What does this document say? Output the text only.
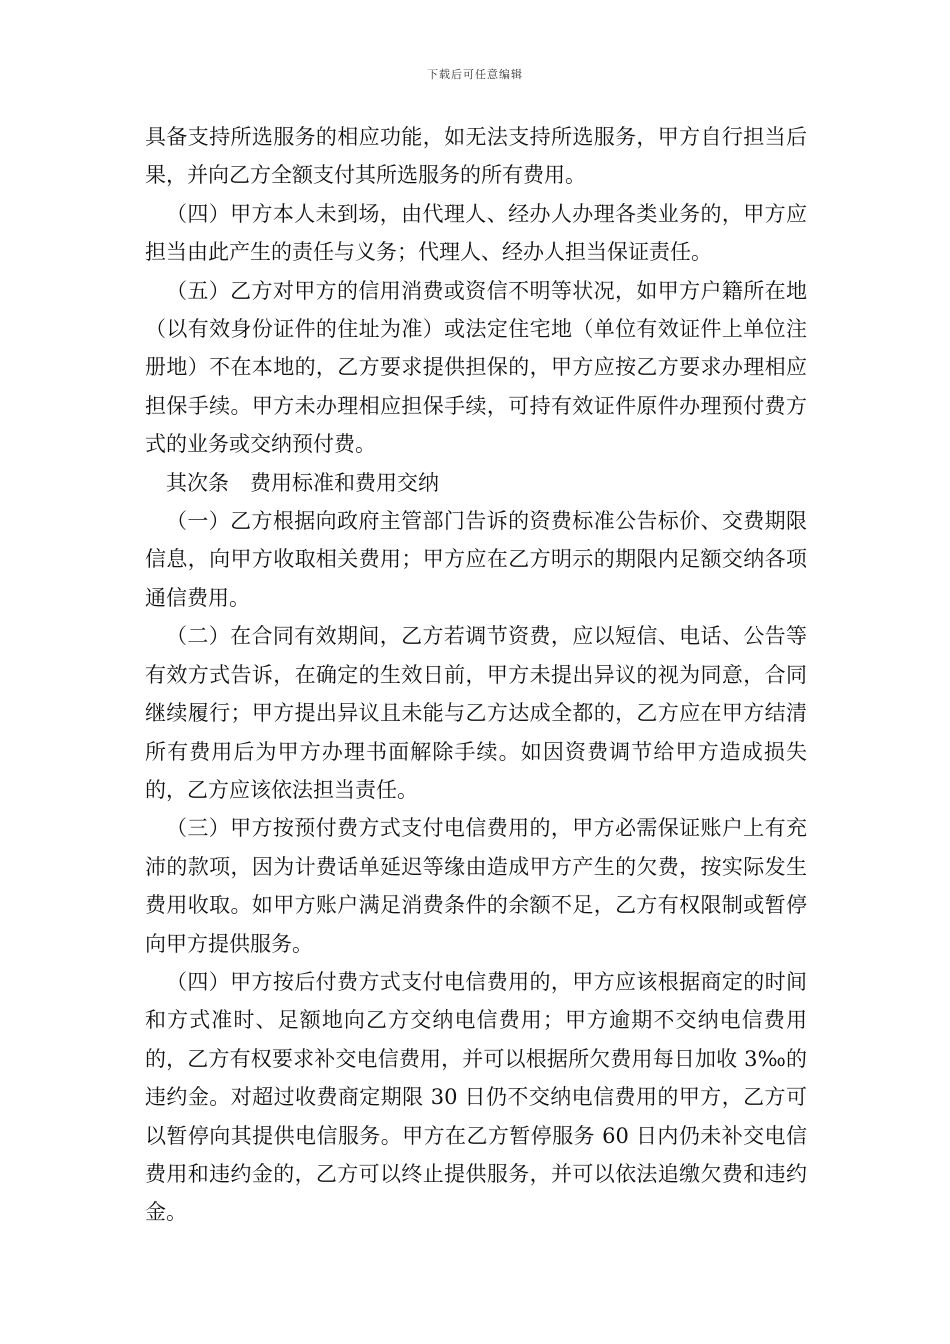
下载后可任意编辑

具备支持所选服务的相应功能，如无法支持所选服务，甲方自行担当后果，并向乙方全额支付其所选服务的所有费用。

（四）甲方本人未到场，由代理人、经办人办理各类业务的，甲方应担当由此产生的责任与义务；代理人、经办人担当保证责任。

（五）乙方对甲方的信用消费或资信不明等状况，如甲方户籍所在地（以有效身份证件的住址为准）或法定住宅地（单位有效证件上单位注册地）不在本地的，乙方要求提供担保的，甲方应按乙方要求办理相应担保手续。甲方未办理相应担保手续，可持有效证件原件办理预付费方式的业务或交纳预付费。

其次条 费用标准和费用交纳

（一）乙方根据向政府主管部门告诉的资费标准公告标价、交费期限信息，向甲方收取相关费用；甲方应在乙方明示的期限内足额交纳各项通信费用。

（二）在合同有效期间，乙方若调节资费，应以短信、电话、公告等有效方式告诉，在确定的生效日前，甲方未提出异议的视为同意，合同继续履行；甲方提出异议且未能与乙方达成全都的，乙方应在甲方结清所有费用后为甲方办理书面解除手续。如因资费调节给甲方造成损失的，乙方应该依法担当责任。

（三）甲方按预付费方式支付电信费用的，甲方必需保证账户上有充沛的款项，因为计费话单延迟等缘由造成甲方产生的欠费，按实际发生费用收取。如甲方账户满足消费条件的余额不足，乙方有权限制或暂停向甲方提供服务。

（四）甲方按后付费方式支付电信费用的，甲方应该根据商定的时间和方式准时、足额地向乙方交纳电信费用；甲方逾期不交纳电信费用的，乙方有权要求补交电信费用，并可以根据所欠费用每日加收 3‰的违约金。对超过收费商定期限 30 日仍不交纳电信费用的甲方，乙方可以暂停向其提供电信服务。甲方在乙方暂停服务 60 日内仍未补交电信费用和违约金的，乙方可以终止提供服务，并可以依法追缴欠费和违约金。
